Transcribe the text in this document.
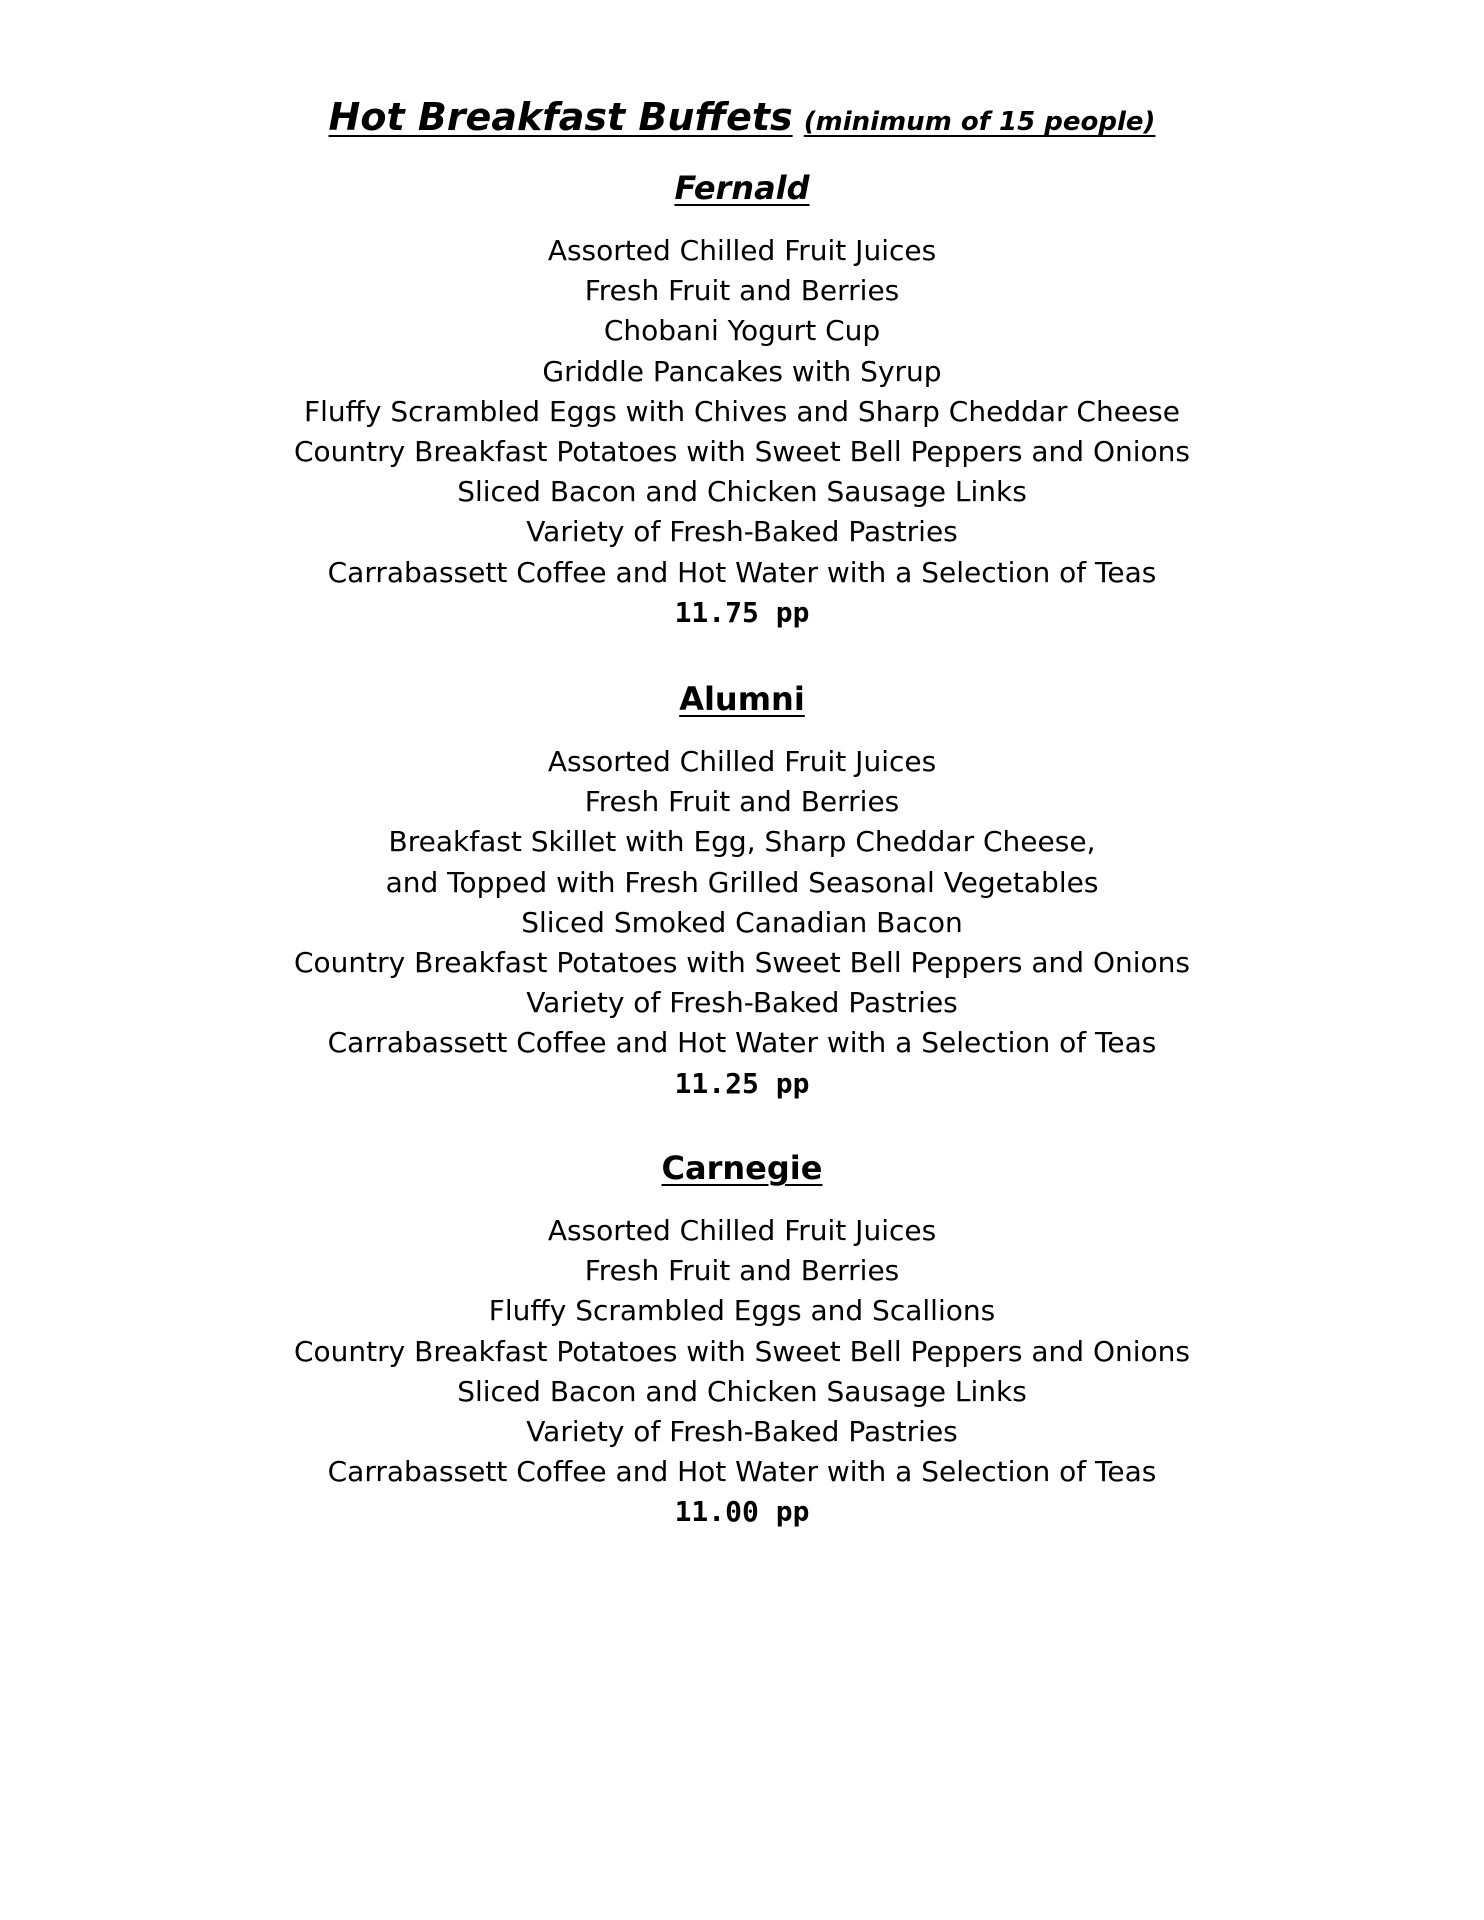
Hot Breakfast Buffets (minimum of 15 people)
Fernald
Assorted Chilled Fruit Juices
Fresh Fruit and Berries
Chobani Yogurt Cup
Griddle Pancakes with Syrup
Fluffy Scrambled Eggs with Chives and Sharp Cheddar Cheese
Country Breakfast Potatoes with Sweet Bell Peppers and Onions
Sliced Bacon and Chicken Sausage Links
Variety of Fresh-Baked Pastries
Carrabassett Coffee and Hot Water with a Selection of Teas

11.75 pp

Alumni
Assorted Chilled Fruit Juices
Fresh Fruit and Berries
Breakfast Skillet with Egg, Sharp Cheddar Cheese,
and Topped with Fresh Grilled Seasonal Vegetables
Sliced Smoked Canadian Bacon
Country Breakfast Potatoes with Sweet Bell Peppers and Onions
Variety of Fresh-Baked Pastries
Carrabassett Coffee and Hot Water with a Selection of Teas

11.25 pp

Carnegie
Assorted Chilled Fruit Juices
Fresh Fruit and Berries
Fluffy Scrambled Eggs and Scallions
Country Breakfast Potatoes with Sweet Bell Peppers and Onions
Sliced Bacon and Chicken Sausage Links
Variety of Fresh-Baked Pastries
Carrabassett Coffee and Hot Water with a Selection of Teas

11.00 pp
